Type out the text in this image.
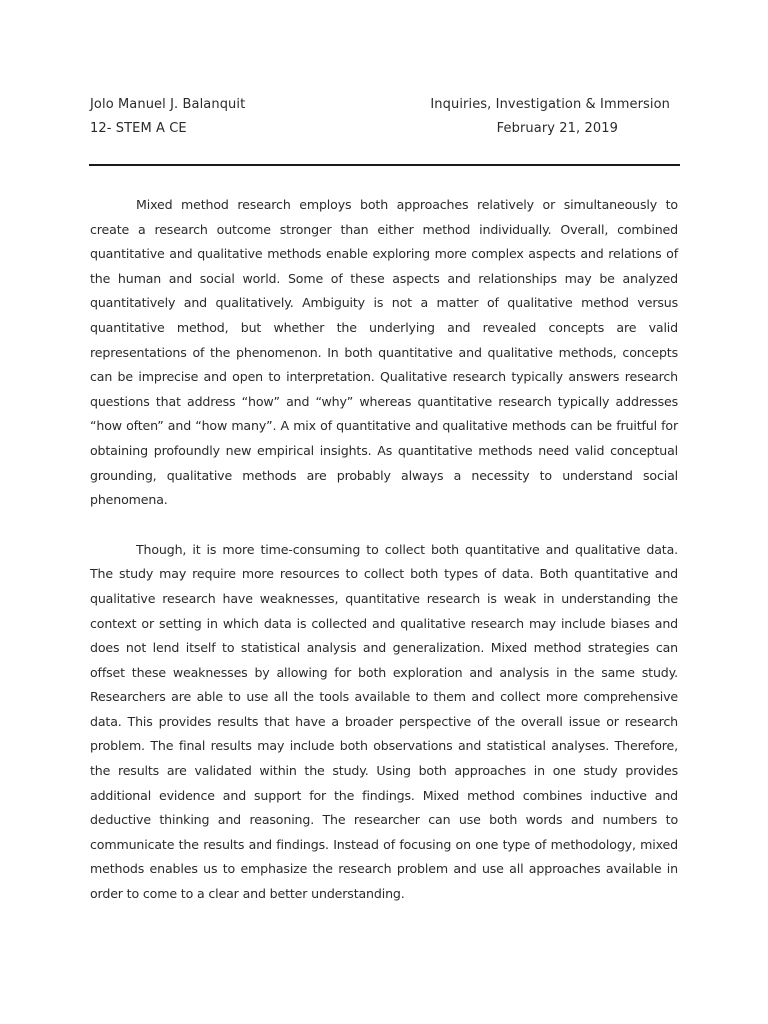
Jolo Manuel J. Balanquit	Inquiries, Investigation & Immersion
12- STEM A CE	February 21, 2019

Mixed method research employs both approaches relatively or simultaneously to create a research outcome stronger than either method individually. Overall, combined quantitative and qualitative methods enable exploring more complex aspects and relations of the human and social world. Some of these aspects and relationships may be analyzed quantitatively and qualitatively. Ambiguity is not a matter of qualitative method versus quantitative method, but whether the underlying and revealed concepts are valid representations of the phenomenon. In both quantitative and qualitative methods, concepts can be imprecise and open to interpretation. Qualitative research typically answers research questions that address “how” and “why” whereas quantitative research typically addresses “how often” and “how many”. A mix of quantitative and qualitative methods can be fruitful for obtaining profoundly new empirical insights. As quantitative methods need valid conceptual grounding, qualitative methods are probably always a necessity to understand social phenomena.

Though, it is more time-consuming to collect both quantitative and qualitative data. The study may require more resources to collect both types of data. Both quantitative and qualitative research have weaknesses, quantitative research is weak in understanding the context or setting in which data is collected and qualitative research may include biases and does not lend itself to statistical analysis and generalization. Mixed method strategies can offset these weaknesses by allowing for both exploration and analysis in the same study. Researchers are able to use all the tools available to them and collect more comprehensive data. This provides results that have a broader perspective of the overall issue or research problem. The final results may include both observations and statistical analyses. Therefore, the results are validated within the study. Using both approaches in one study provides additional evidence and support for the findings. Mixed method combines inductive and deductive thinking and reasoning. The researcher can use both words and numbers to communicate the results and findings. Instead of focusing on one type of methodology, mixed methods enables us to emphasize the research problem and use all approaches available in order to come to a clear and better understanding.
